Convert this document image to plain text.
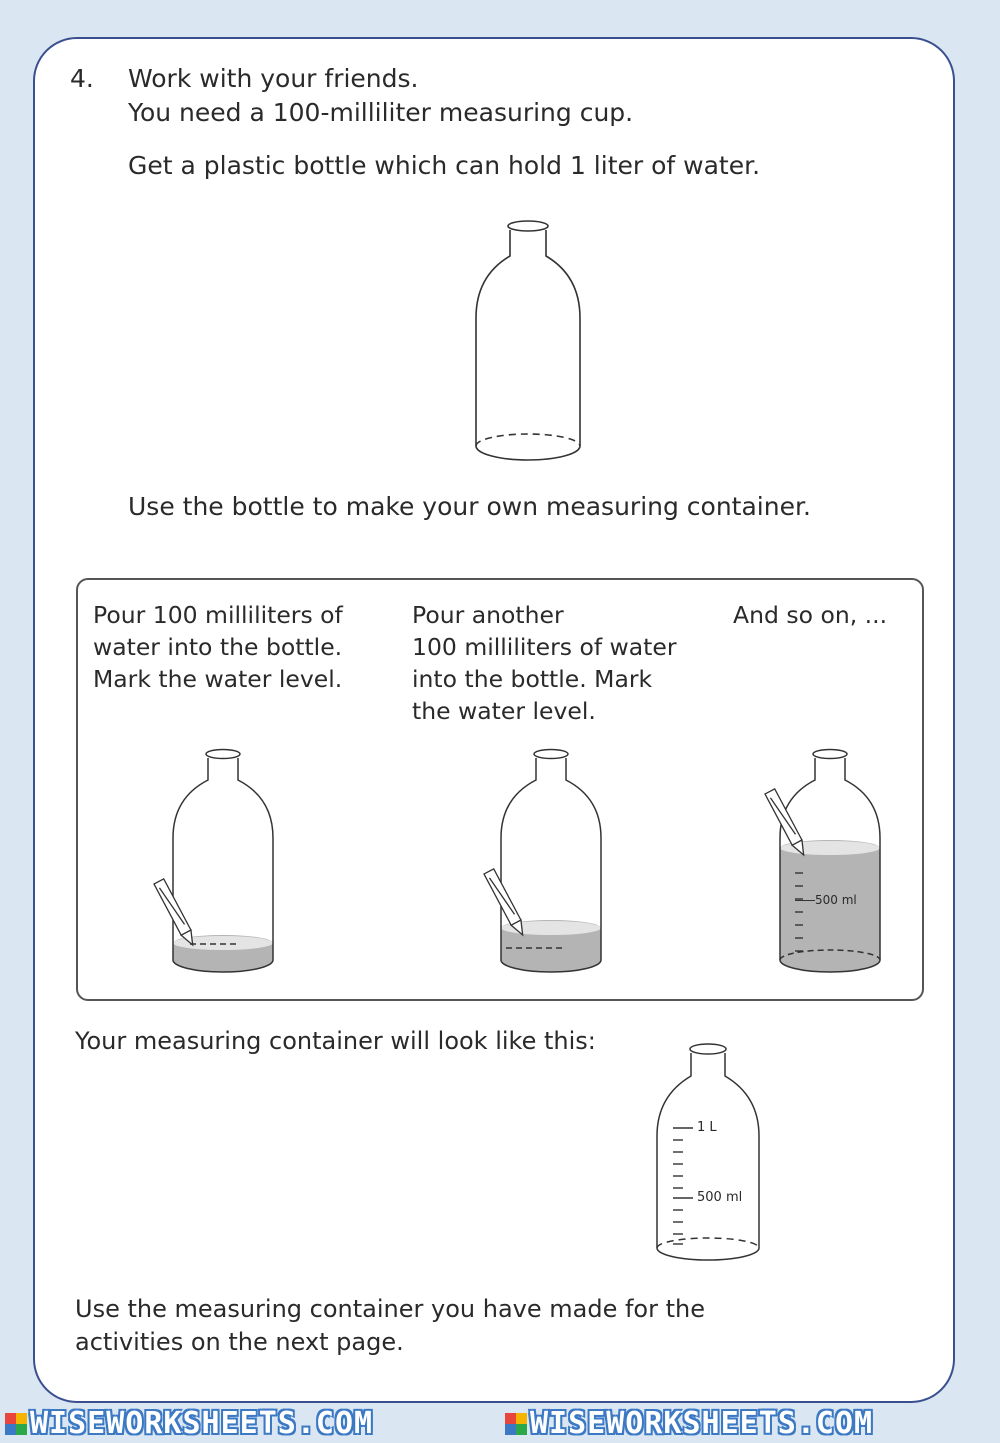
4. Work with your friends.
You need a 100-milliliter measuring cup.
Get a plastic bottle which can hold 1 liter of water.
Use the bottle to make your own measuring container.
Pour 100 milliliters of
water into the bottle.
Mark the water level.
Pour another
100 milliliters of water
into the bottle. Mark
the water level.
And so on, ...
500 ml
Your measuring container will look like this:
1 L
500 ml
Use the measuring container you have made for the
activities on the next page.
WISEWORKSHEETS.COM	WISEWORKSHEETS.COM
